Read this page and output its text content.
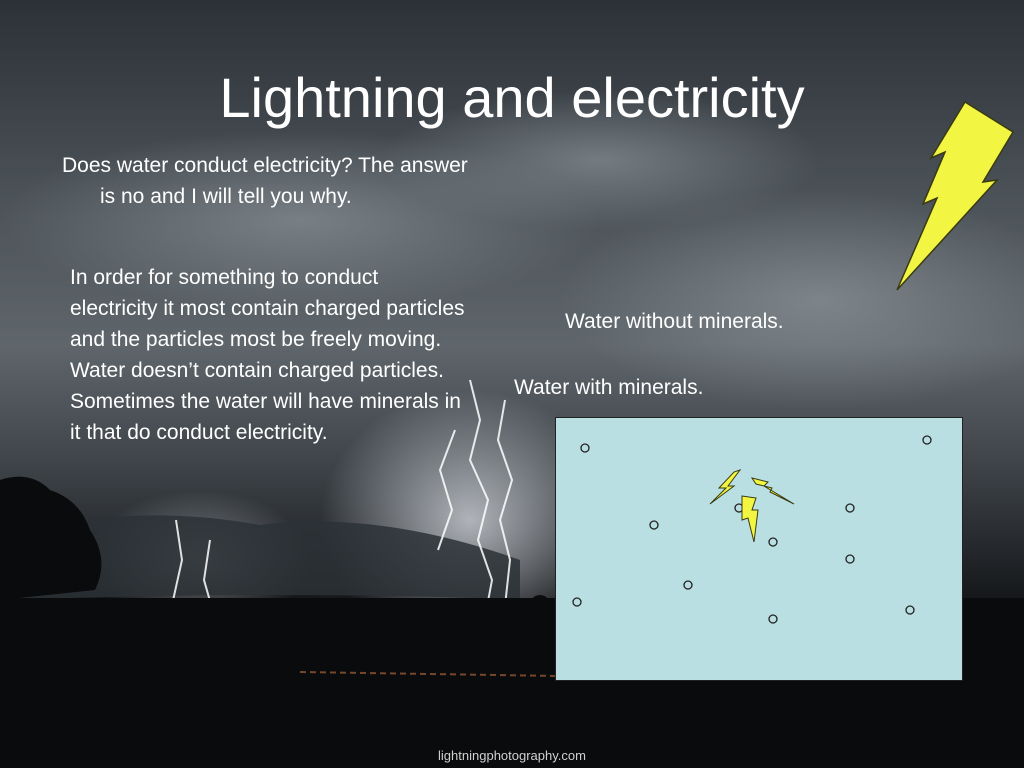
Lightning and electricity
Does water conduct electricity? The answer is no and I will tell you why.
In order for something to conduct electricity it most contain charged particles and the particles most be freely moving. Water doesn’t contain charged particles. Sometimes the water will have minerals in it that do conduct electricity.
Water without minerals.
Water with minerals.
lightningphotography.com
